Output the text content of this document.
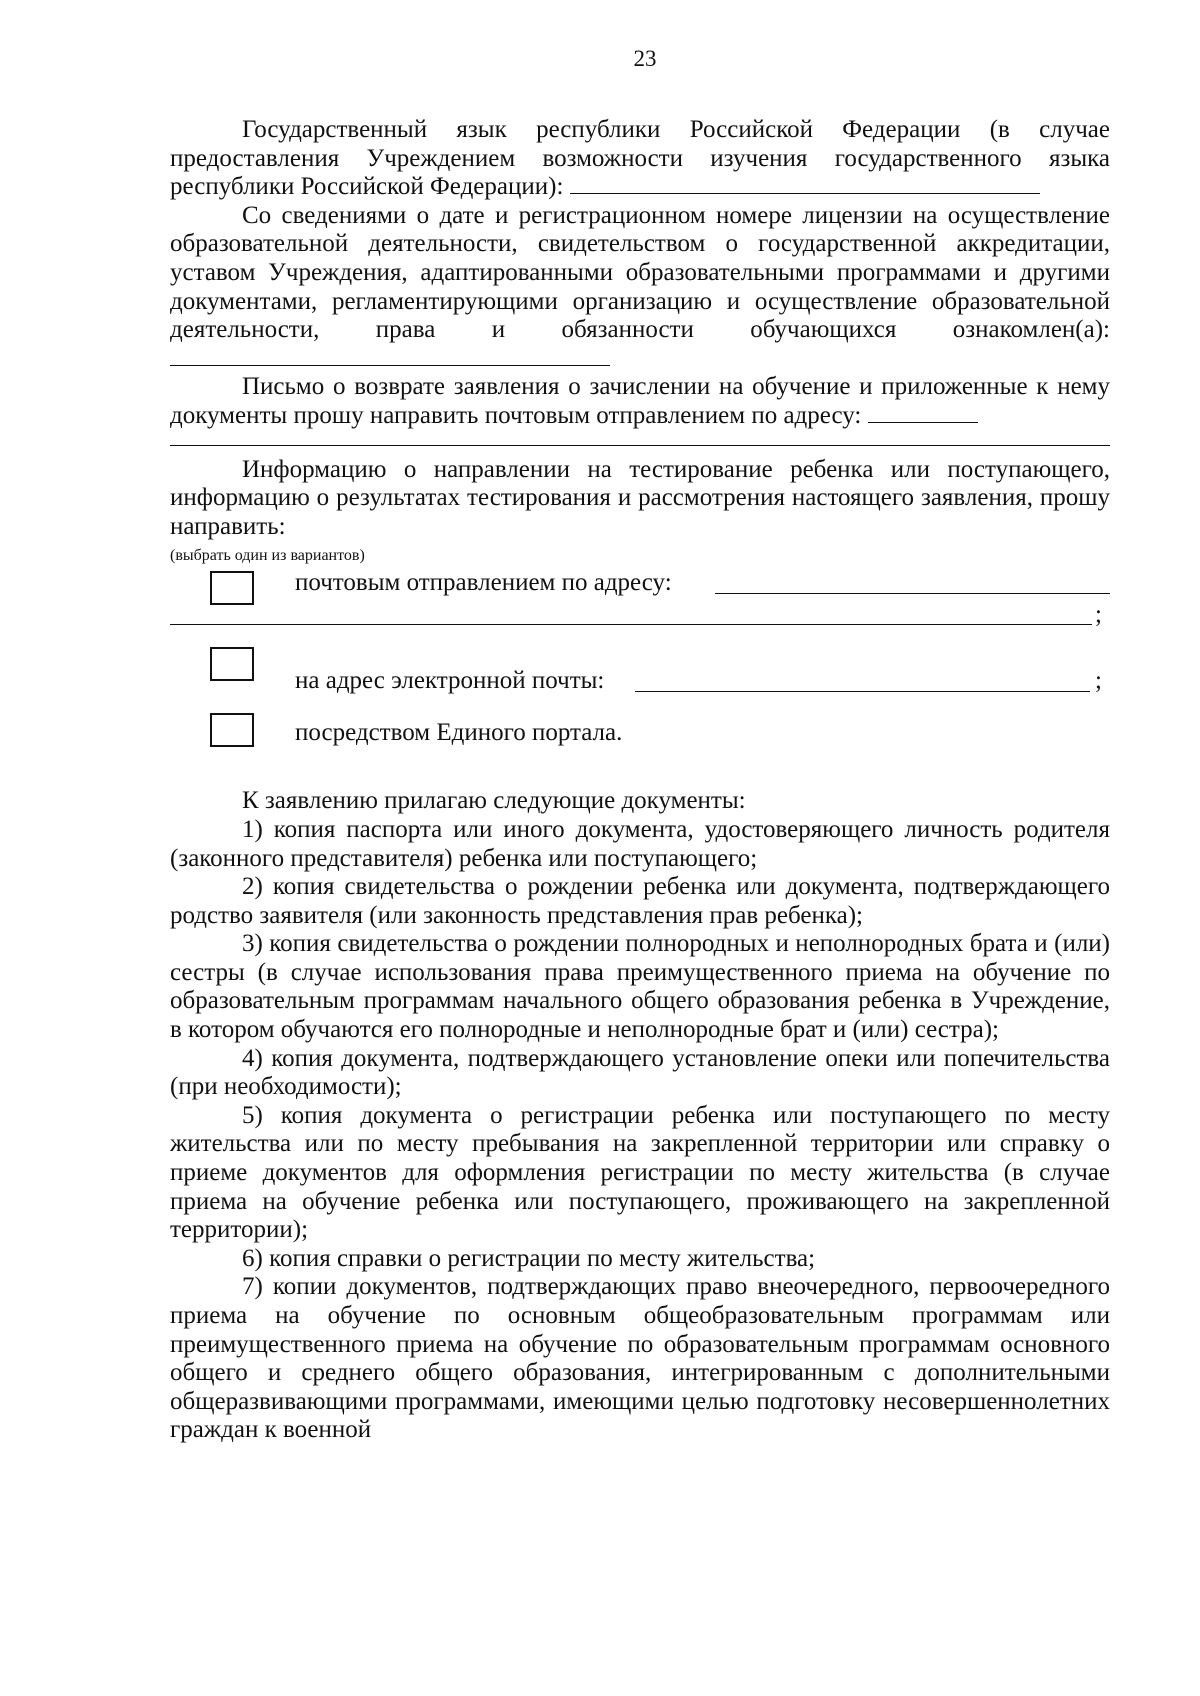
23

Государственный язык республики Российской Федерации (в случае предоставления Учреждением возможности изучения государственного языка республики Российской Федерации):

Со сведениями о дате и регистрационном номере лицензии на осуществление образовательной деятельности, свидетельством о государственной аккредитации, уставом Учреждения, адаптированными образовательными программами и другими документами, регламентирующими организацию и осуществление образовательной деятельности, права и обязанности обучающихся ознакомлен(а):

Письмо о возврате заявления о зачислении на обучение и приложенные к нему документы прошу направить почтовым отправлением по адресу:

Информацию о направлении на тестирование ребенка или поступающего, информацию о результатах тестирования и рассмотрения настоящего заявления, прошу направить:

(выбрать один из вариантов)

почтовым отправлением по адресу:
;
на адрес электронной почты:	;
посредством Единого портала.

К заявлению прилагаю следующие документы:

1) копия паспорта или иного документа, удостоверяющего личность родителя (законного представителя) ребенка или поступающего;

2) копия свидетельства о рождении ребенка или документа, подтверждающего родство заявителя (или законность представления прав ребенка);

3) копия свидетельства о рождении полнородных и неполнородных брата и (или) сестры (в случае использования права преимущественного приема на обучение по образовательным программам начального общего образования ребенка в Учреждение, в котором обучаются его полнородные и неполнородные брат и (или) сестра);

4) копия документа, подтверждающего установление опеки или попечительства (при необходимости);

5) копия документа о регистрации ребенка или поступающего по месту жительства или по месту пребывания на закрепленной территории или справку о приеме документов для оформления регистрации по месту жительства (в случае приема на обучение ребенка или поступающего, проживающего на закрепленной территории);

6) копия справки о регистрации по месту жительства;

7) копии документов, подтверждающих право внеочередного, первоочередного приема на обучение по основным общеобразовательным программам или преимущественного приема на обучение по образовательным программам основного общего и среднего общего образования, интегрированным с дополнительными общеразвивающими программами, имеющими целью подготовку несовершеннолетних граждан к военной
